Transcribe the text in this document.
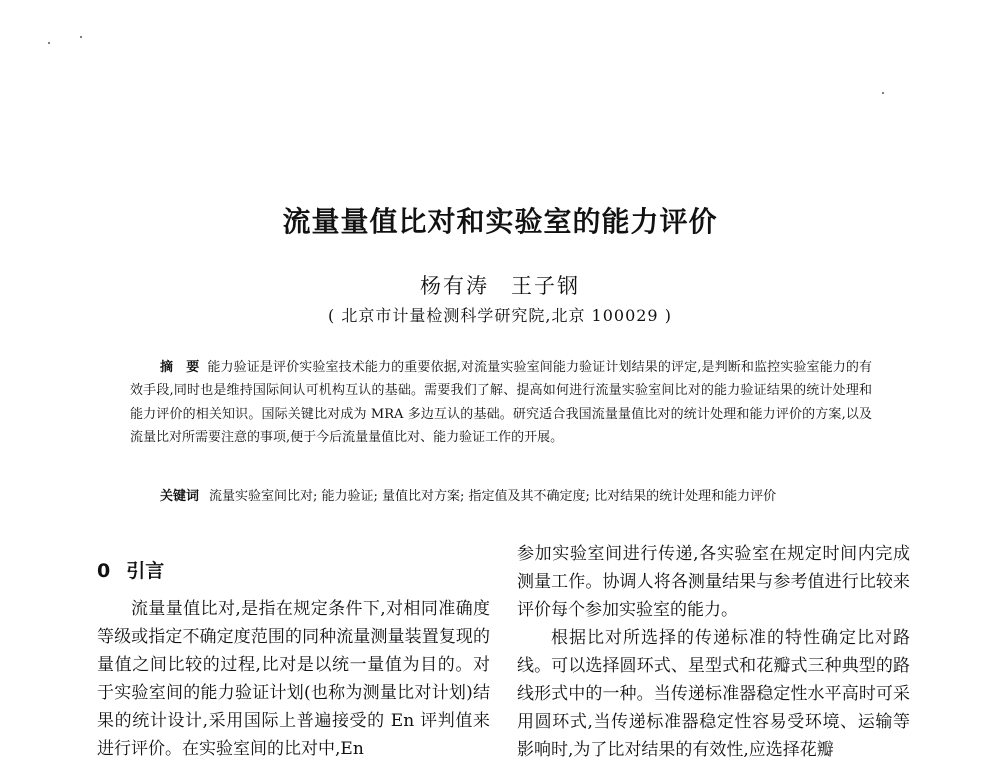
流量量值比对和实验室的能力评价
杨有涛 王子钢
( 北京市计量检测科学研究院,北京 100029 )

摘　要 能力验证是评价实验室技术能力的重要依据,对流量实验室间能力验证计划结果的评定,是判断和监控实验室能力的有效手段,同时也是维持国际间认可机构互认的基础。需要我们了解、提高如何进行流量实验室间比对的能力验证结果的统计处理和能力评价的相关知识。国际关键比对成为 MRA 多边互认的基础。研究适合我国流量量值比对的统计处理和能力评价的方案,以及流量比对所需要注意的事项,便于今后流量量值比对、能力验证工作的开展。

关键词 流量实验室间比对; 能力验证; 量值比对方案; 指定值及其不确定度; 比对结果的统计处理和能力评价
0 引言

流量量值比对,是指在规定条件下,对相同准确度等级或指定不确定度范围的同种流量测量装置复现的量值之间比较的过程,比对是以统一量值为目的。对于实验室间的能力验证计划(也称为测量比对计划)结果的统计设计,采用国际上普遍接受的 En 评判值来进行评价。在实验室间的比对中,En

参加实验室间进行传递,各实验室在规定时间内完成测量工作。协调人将各测量结果与参考值进行比较来评价每个参加实验室的能力。

根据比对所选择的传递标准的特性确定比对路线。可以选择圆环式、星型式和花瓣式三种典型的路线形式中的一种。当传递标准器稳定性水平高时可采用圆环式,当传递标准器稳定性容易受环境、运输等影响时,为了比对结果的有效性,应选择花瓣
